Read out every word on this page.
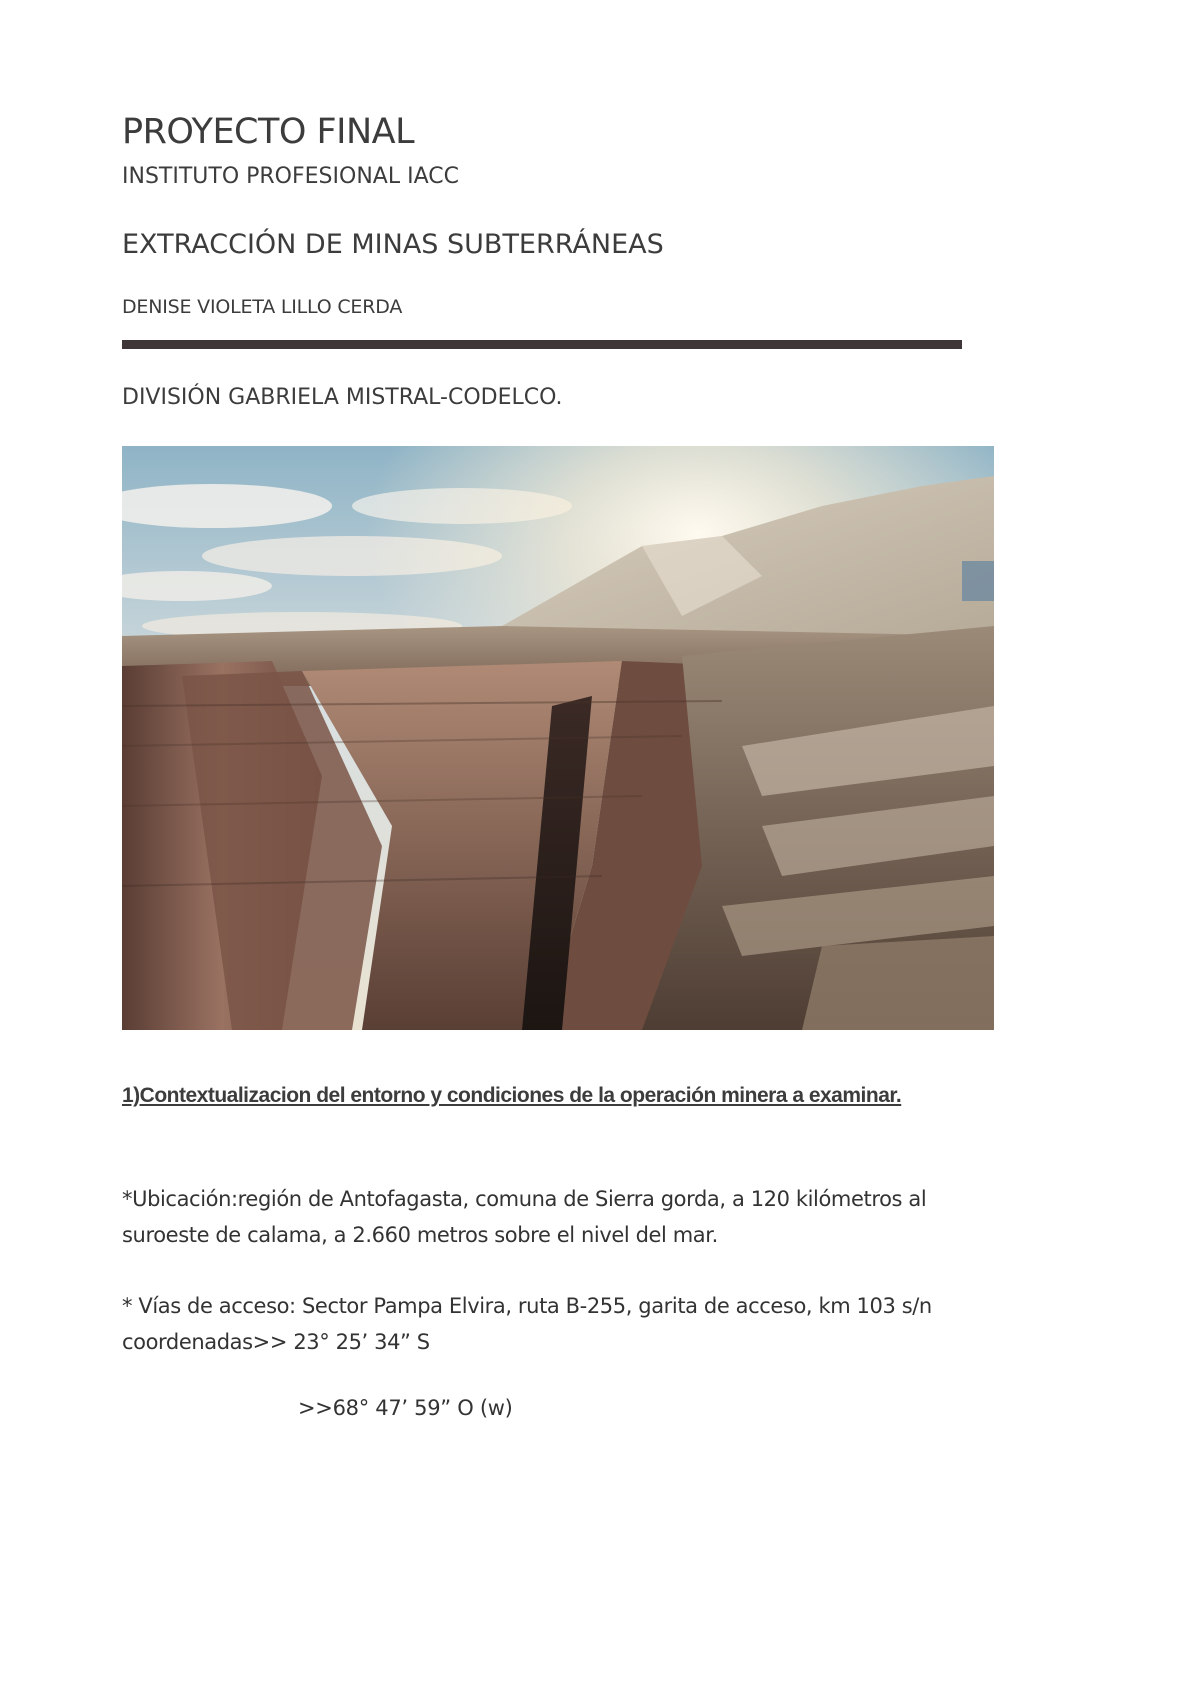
PROYECTO FINAL
INSTITUTO PROFESIONAL IACC
EXTRACCIÓN DE MINAS SUBTERRÁNEAS
DENISE VIOLETA LILLO CERDA
DIVISIÓN GABRIELA MISTRAL-CODELCO.
1)Contextualizacion del entorno y condiciones de la operación minera a examinar.
*Ubicación:región de Antofagasta, comuna de Sierra gorda, a 120 kilómetros al suroeste de calama, a 2.660 metros sobre el nivel del mar.
* Vías de acceso: Sector Pampa Elvira, ruta B-255, garita de acceso, km 103 s/n coordenadas>> 23° 25’ 34” S
>>68° 47’ 59” O (w)
